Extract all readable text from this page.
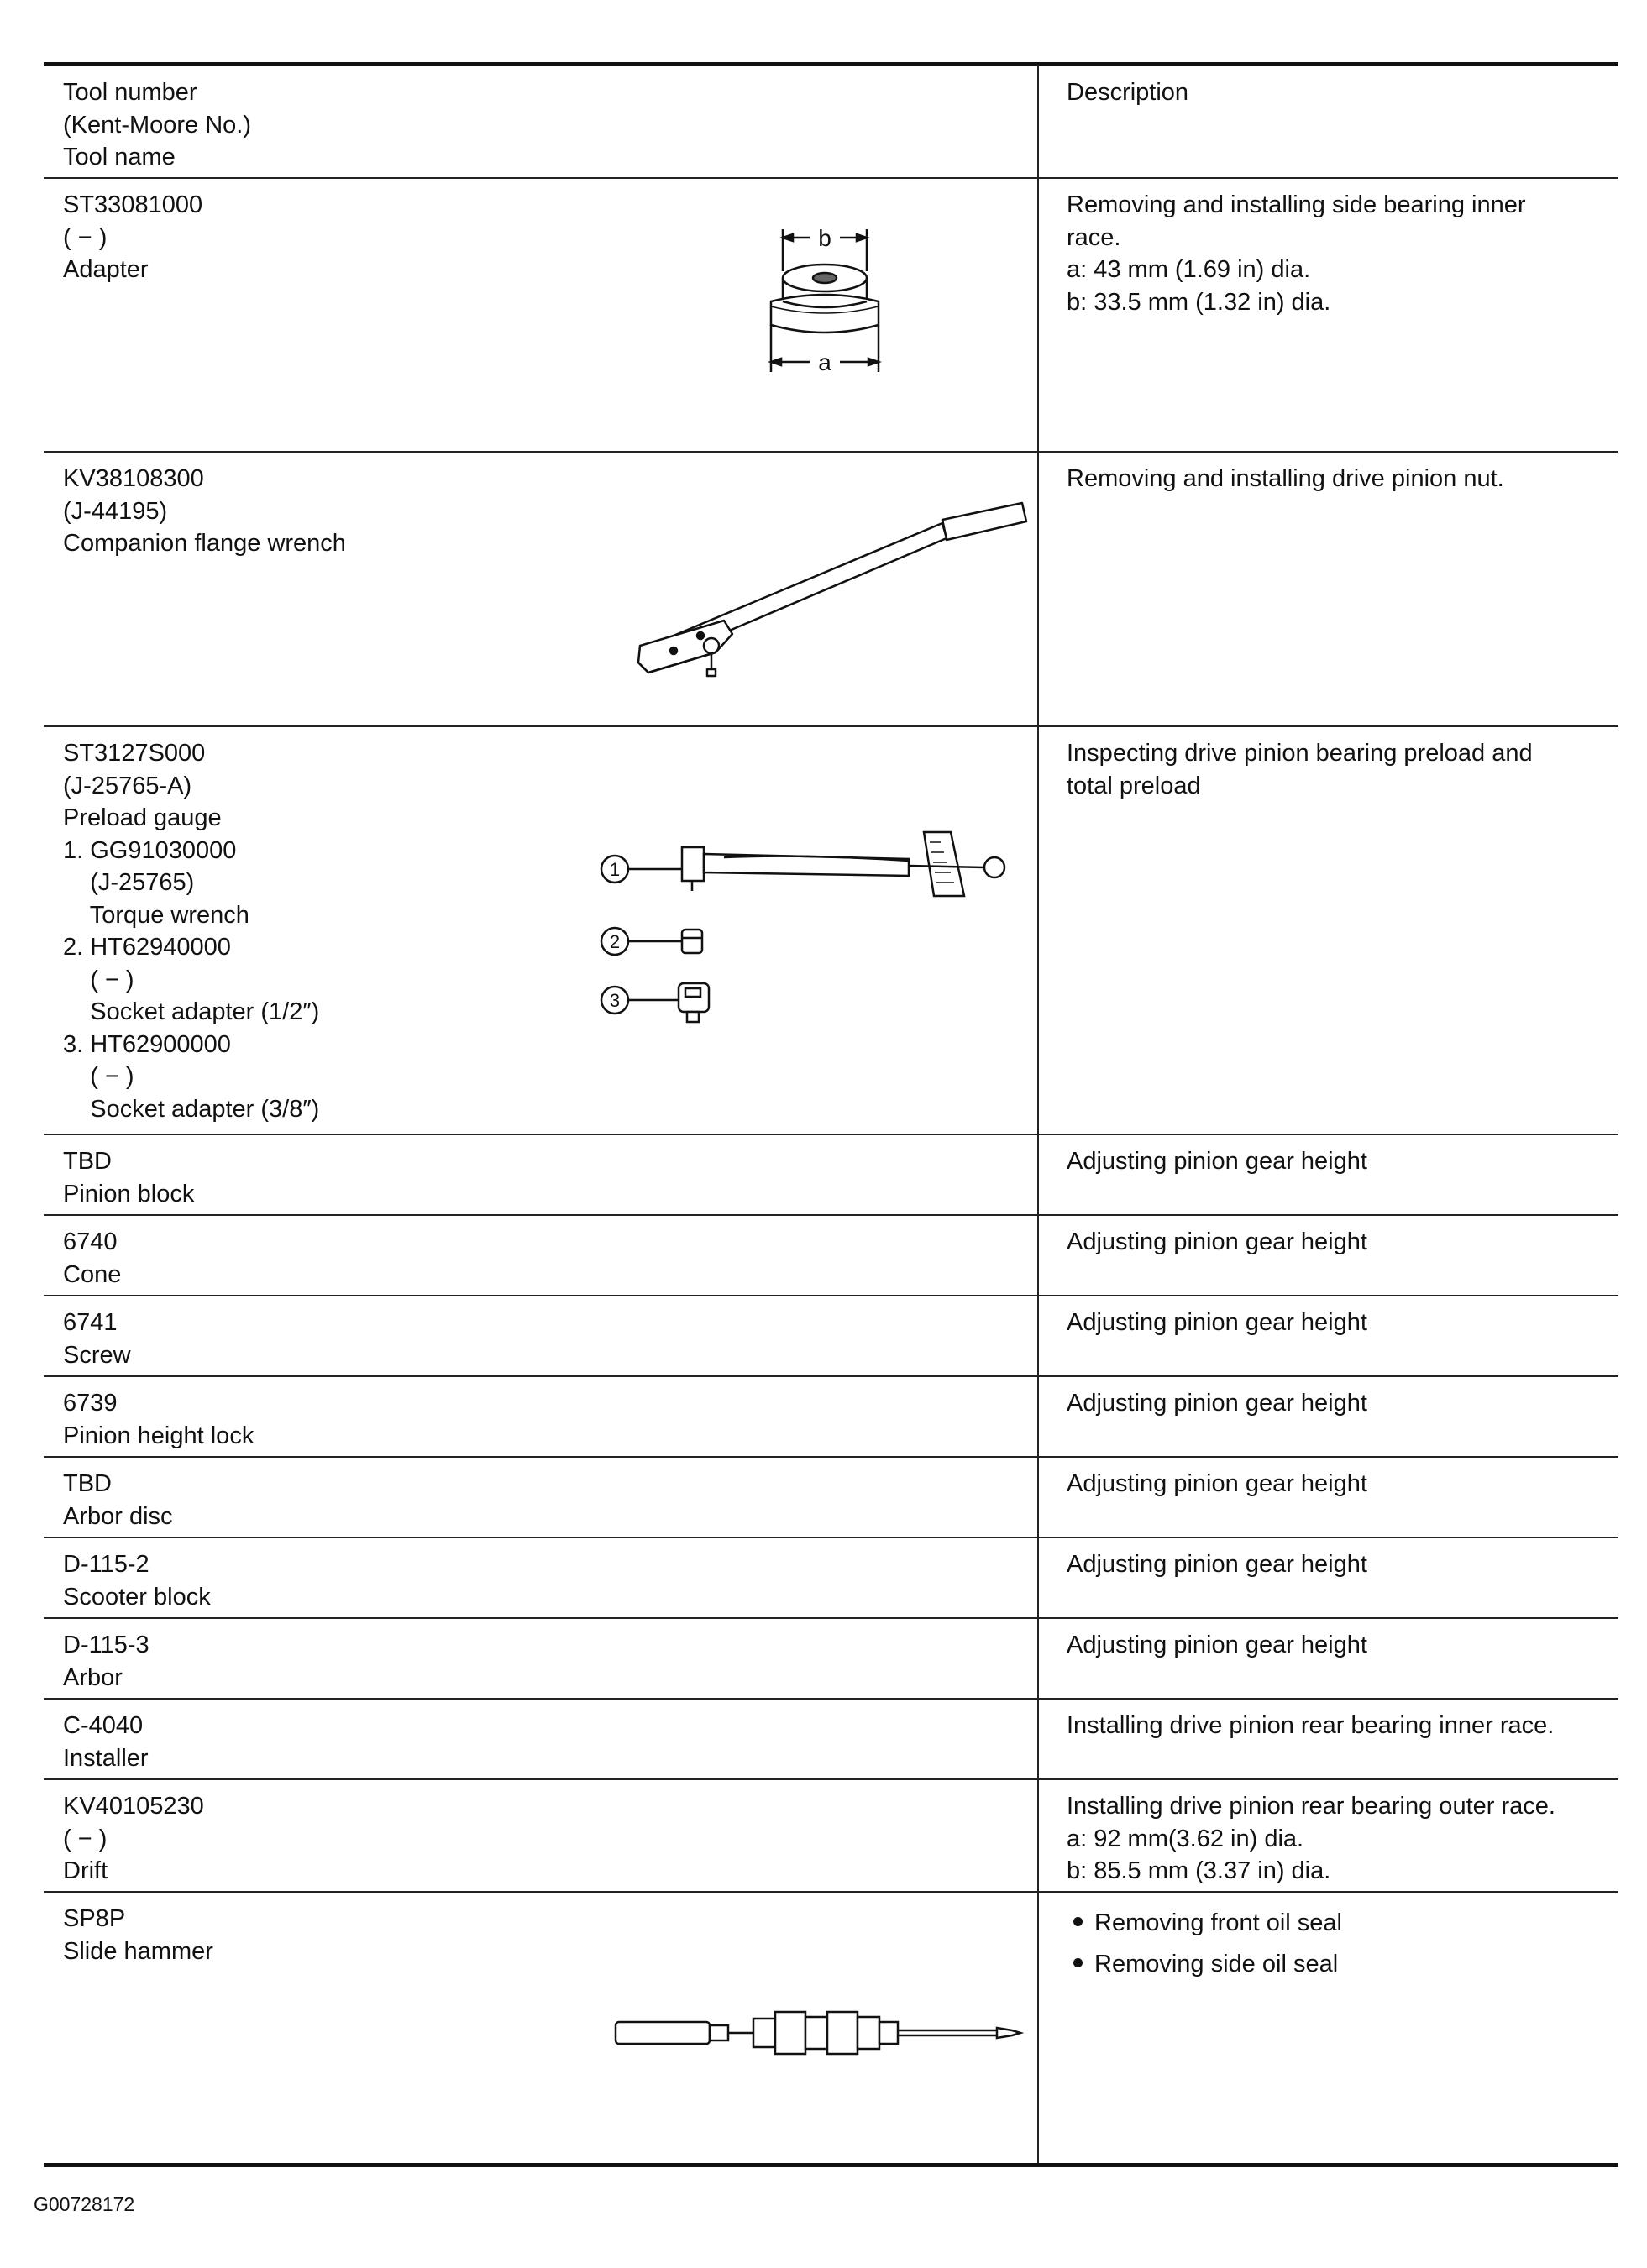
Tool number
(Kent-Moore No.)
Tool name
Description
ST33081000
( − )
Adapter
Removing and installing side bearing inner
race.
a: 43 mm (1.69 in) dia.
b: 33.5 mm (1.32 in) dia.
b
a
KV38108300
(J-44195)
Companion flange wrench
Removing and installing drive pinion nut.
ST3127S000
(J-25765-A)
Preload gauge
1. GG91030000
(J-25765)
Torque wrench
2. HT62940000
( − )
Socket adapter (1/2″)
3. HT62900000
( − )
Socket adapter (3/8″)
Inspecting drive pinion bearing preload and
total preload
1
2
3
TBD
Pinion block
Adjusting pinion gear height
6740
Cone
Adjusting pinion gear height
6741
Screw
Adjusting pinion gear height
6739
Pinion height lock
Adjusting pinion gear height
TBD
Arbor disc
Adjusting pinion gear height
D-115-2
Scooter block
Adjusting pinion gear height
D-115-3
Arbor
Adjusting pinion gear height
C-4040
Installer
Installing drive pinion rear bearing inner race.
KV40105230
( − )
Drift
Installing drive pinion rear bearing outer race.
a: 92 mm(3.62 in) dia.
b: 85.5 mm (3.37 in) dia.
SP8P
Slide hammer
Removing front oil seal
Removing side oil seal
G00728172
